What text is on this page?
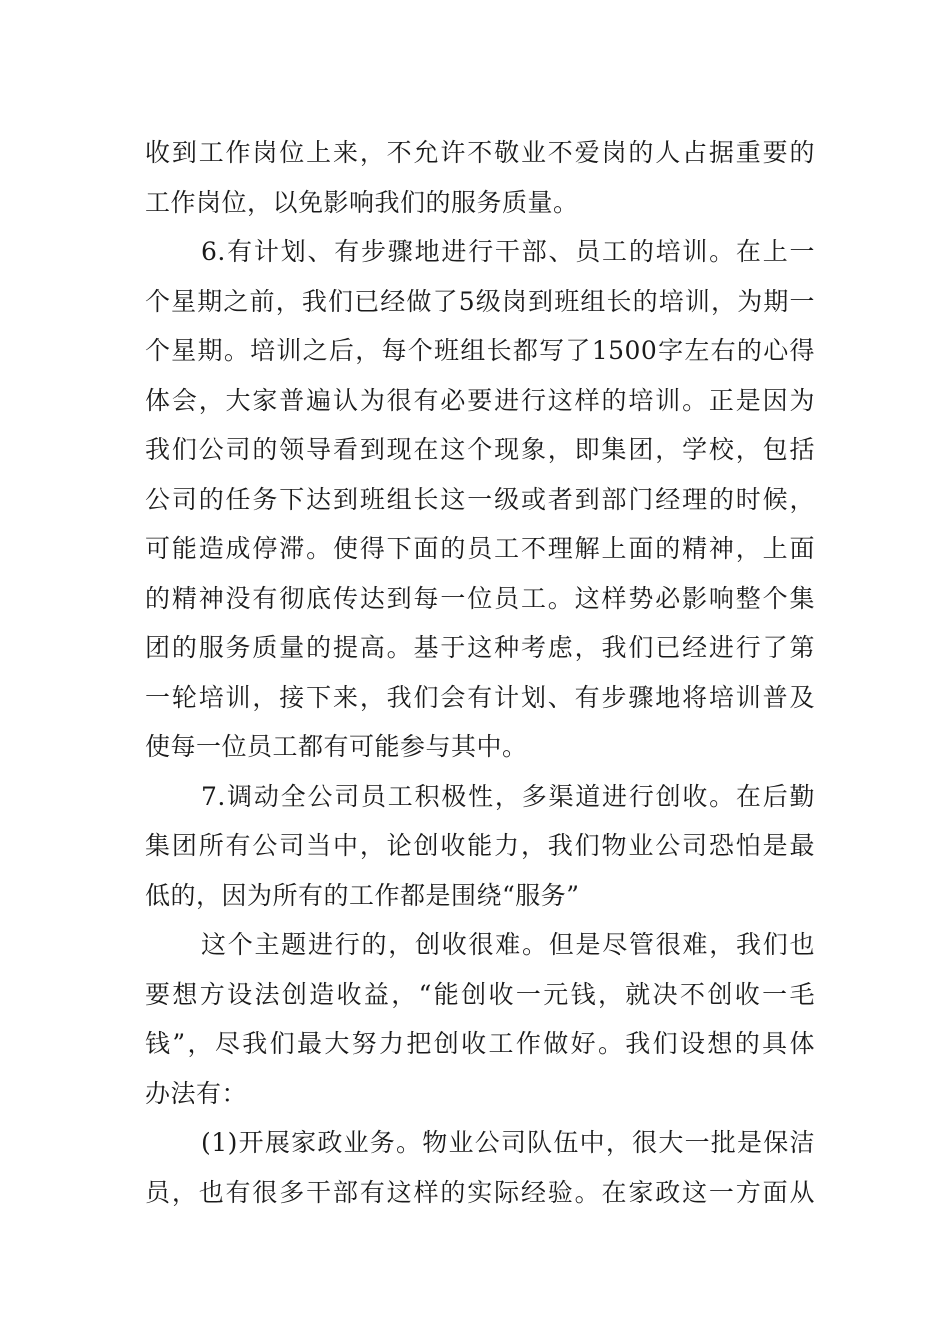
收到工作岗位上来，不允许不敬业不爱岗的人占据重要的
工作岗位，以免影响我们的服务质量。
6.有计划、有步骤地进行干部、员工的培训。在上一
个星期之前，我们已经做了5级岗到班组长的培训，为期一
个星期。培训之后，每个班组长都写了1500字左右的心得
体会，大家普遍认为很有必要进行这样的培训。正是因为
我们公司的领导看到现在这个现象，即集团，学校，包括
公司的任务下达到班组长这一级或者到部门经理的时候，
可能造成停滞。使得下面的员工不理解上面的精神，上面
的精神没有彻底传达到每一位员工。这样势必影响整个集
团的服务质量的提高。基于这种考虑，我们已经进行了第
一轮培训，接下来，我们会有计划、有步骤地将培训普及
使每一位员工都有可能参与其中。
7.调动全公司员工积极性，多渠道进行创收。在后勤
集团所有公司当中，论创收能力，我们物业公司恐怕是最
低的，因为所有的工作都是围绕“服务”
这个主题进行的，创收很难。但是尽管很难，我们也
要想方设法创造收益，“能创收一元钱，就决不创收一毛
钱”，尽我们最大努力把创收工作做好。我们设想的具体
办法有：
(1)开展家政业务。物业公司队伍中，很大一批是保洁
员，也有很多干部有这样的实际经验。在家政这一方面从
